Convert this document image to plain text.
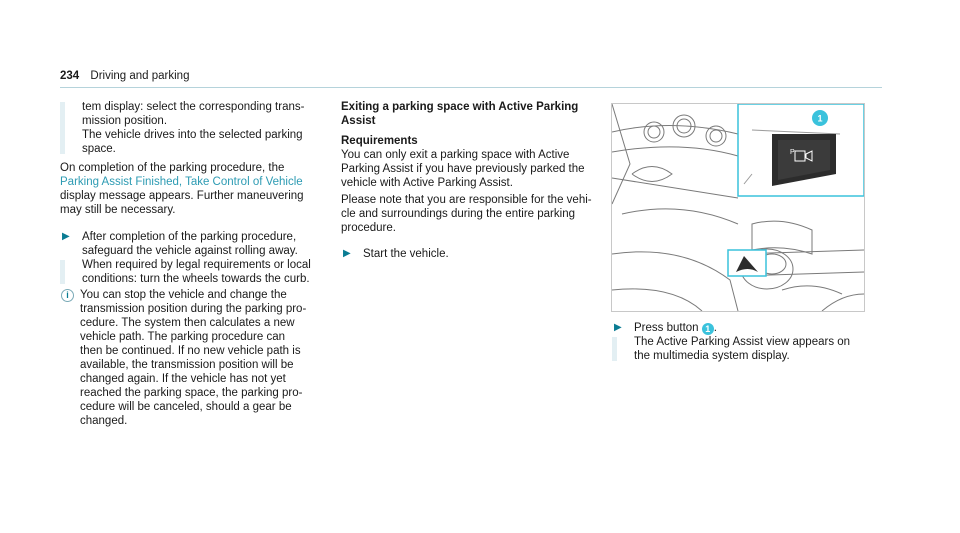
234 Driving and parking

tem display: select the corresponding trans-

mission position.

The vehicle drives into the selected parking

space.

On completion of the parking procedure, the

Parking Assist Finished, Take Control of Vehicle

display message appears. Further maneuvering

may still be necessary.

▶ After completion of the parking procedure,

safeguard the vehicle against rolling away.

When required by legal requirements or local

conditions: turn the wheels towards the curb.

i You can stop the vehicle and change the

transmission position during the parking pro-

cedure. The system then calculates a new

vehicle path. The parking procedure can

then be continued. If no new vehicle path is

available, the transmission position will be

changed again. If the vehicle has not yet

reached the parking space, the parking pro-

cedure will be canceled, should a gear be

changed.

Exiting a parking space with Active Parking

Assist

Requirements

You can only exit a parking space with Active

Parking Assist if you have previously parked the

vehicle with Active Parking Assist.

Please note that you are responsible for the vehi-

cle and surroundings during the entire parking

procedure.

▶ Start the vehicle.

P
1
▶ Press button 1 .

The Active Parking Assist view appears on

the multimedia system display.
